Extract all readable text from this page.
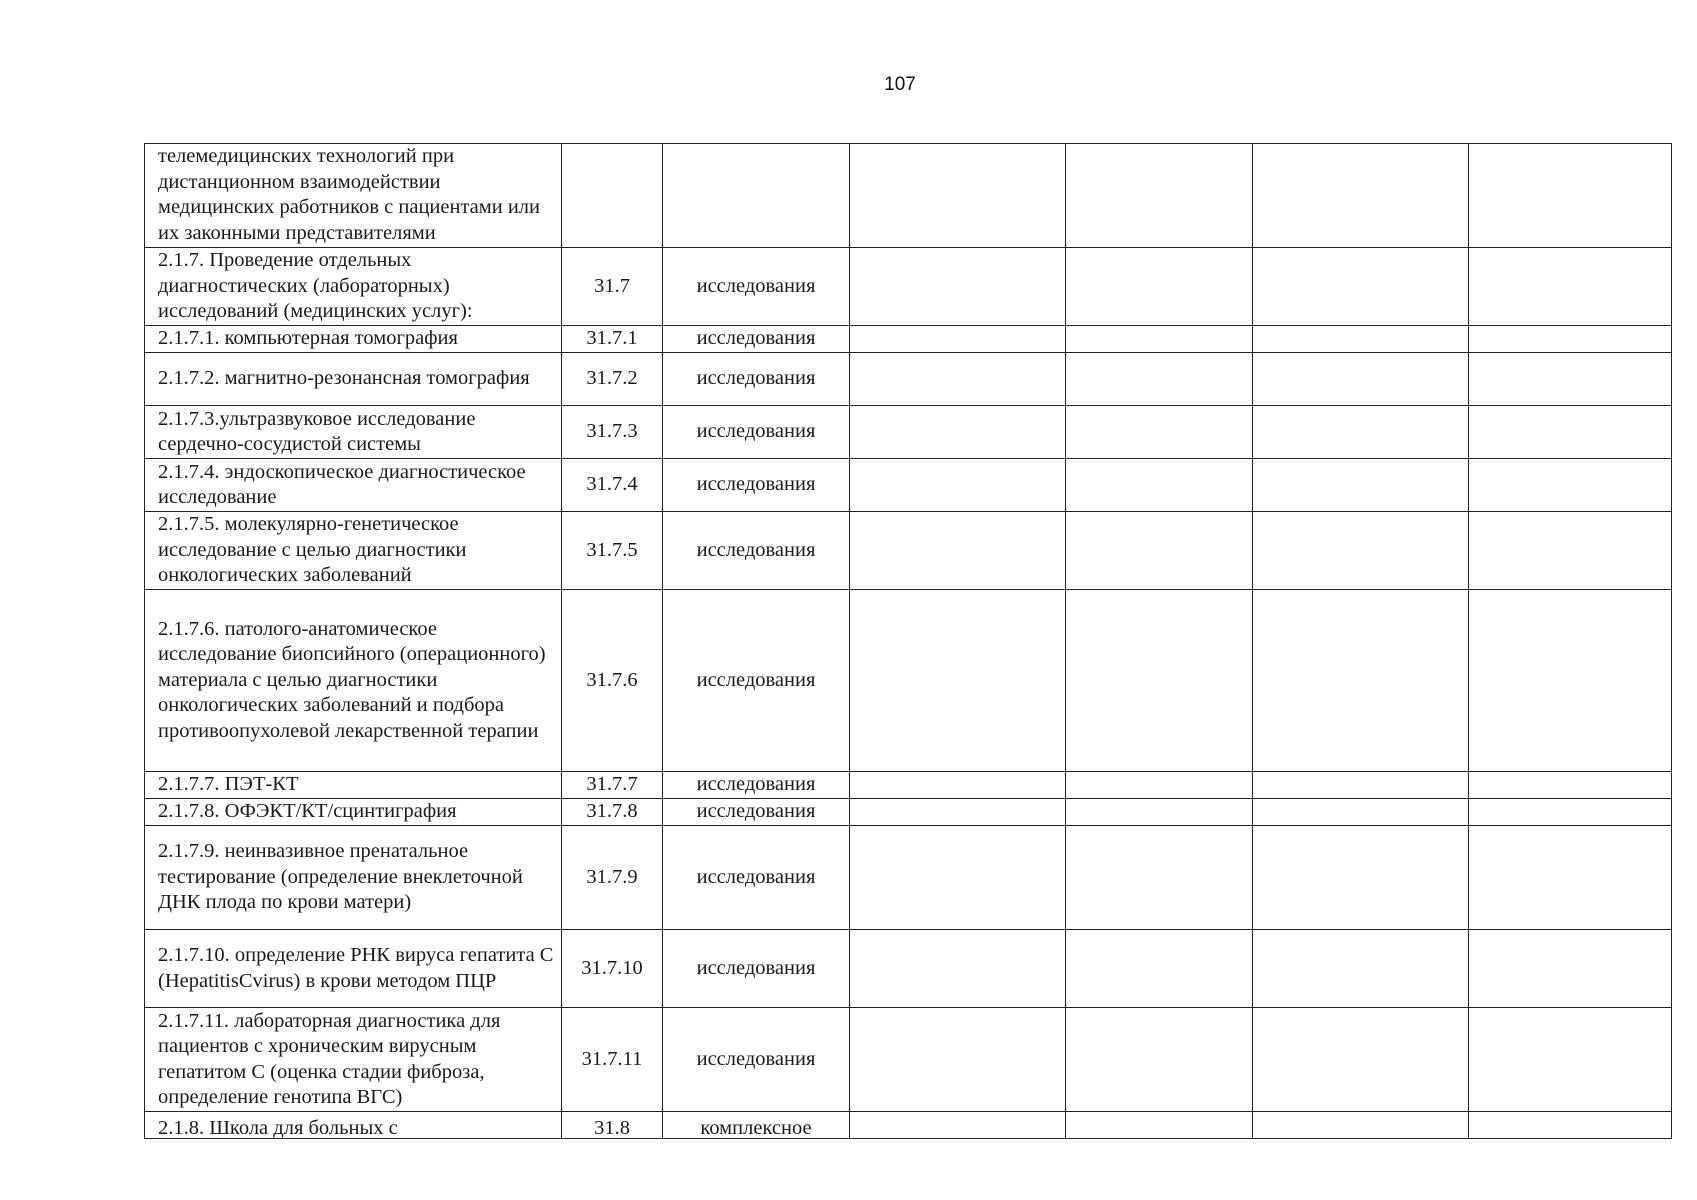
107
телемедицинских технологий при дистанционном взаимодействии медицинских работников с пациентами или их законными представителями						
2.1.7. Проведение отдельных диагностических (лабораторных) исследований (медицинских услуг):	31.7	исследования				
2.1.7.1. компьютерная томография	31.7.1	исследования				
2.1.7.2. магнитно-резонансная томография	31.7.2	исследования				
2.1.7.3.ультразвуковое исследование сердечно-сосудистой системы	31.7.3	исследования				
2.1.7.4. эндоскопическое диагностическое исследование	31.7.4	исследования				
2.1.7.5. молекулярно-генетическое исследование с целью диагностики онкологических заболеваний	31.7.5	исследования				
2.1.7.6. патолого-анатомическое исследование биопсийного (операционного) материала с целью диагностики онкологических заболеваний и подбора противоопухолевой лекарственной терапии	31.7.6	исследования				
2.1.7.7. ПЭТ-КТ	31.7.7	исследования				
2.1.7.8. ОФЭКТ/КТ/сцинтиграфия	31.7.8	исследования				
2.1.7.9. неинвазивное пренатальное тестирование (определение внеклеточной ДНК плода по крови матери)	31.7.9	исследования				
2.1.7.10. определение РНК вируса гепатита С (HepatitisCvirus) в крови методом ПЦР	31.7.10	исследования				
2.1.7.11. лабораторная диагностика для пациентов с хроническим вирусным гепатитом С (оценка стадии фиброза, определение генотипа ВГС)	31.7.11	исследования				

2.1.8. Школа для больных с	31.8	комплексное				
